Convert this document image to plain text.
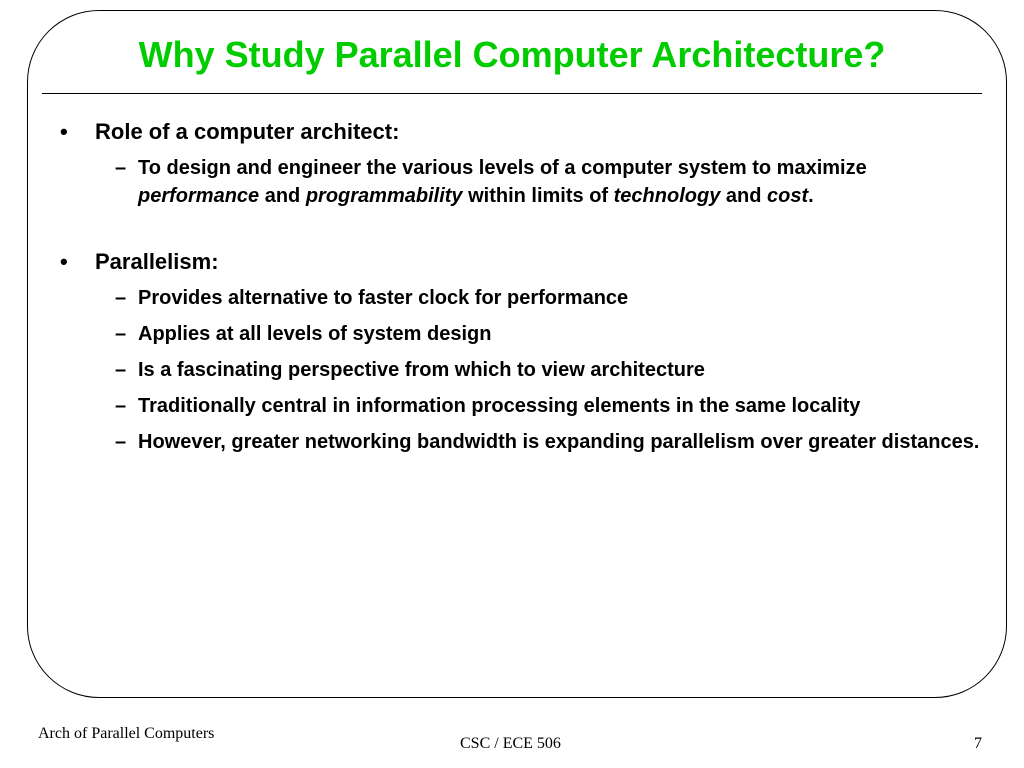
Why Study Parallel Computer Architecture?
•	Role of a computer architect:
– To design and engineer the various levels of a computer system to maximize performance and programmability within limits of technology and cost.
•	Parallelism:
– Provides alternative to faster clock for performance
– Applies at all levels of system design
– Is a fascinating perspective from which to view architecture
– Traditionally central in information processing elements in the same locality
– However, greater networking bandwidth is expanding parallelism over greater distances.
Arch of Parallel Computers
CSC / ECE 506	7
